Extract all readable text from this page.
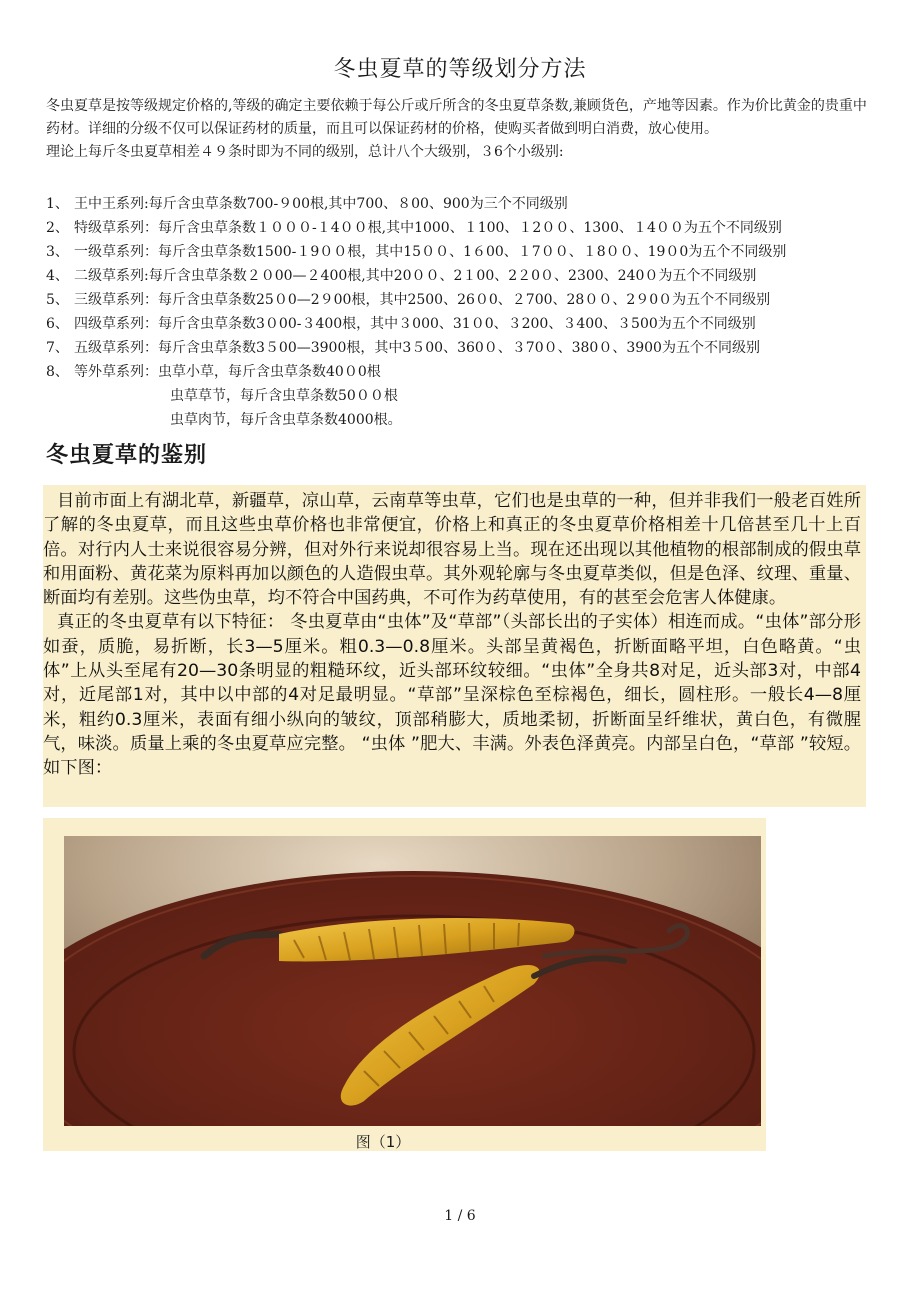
冬虫夏草的等级划分方法

冬虫夏草是按等级规定价格的,等级的确定主要依赖于每公斤或斤所含的冬虫夏草条数,兼顾货色，产地等因素。作为价比黄金的贵重中药材。详细的分级不仅可以保证药材的质量，而且可以保证药材的价格，使购买者做到明白消费，放心使用。

理论上每斤冬虫夏草相差４９条时即为不同的级别，总计八个大级别，３6个小级别:

1、 王中王系列:每斤含虫草条数700-９00根,其中700、８00、900为三个不同级别
2、 特级草系列：每斤含虫草条数１０００-１4００根,其中1000、１100、１2００、1300、１4００为五个不同级别
3、 一级草系列：每斤含虫草条数1500-１9００根，其中15００、1６00、１7００、１8００、19０0为五个不同级别
4、 二级草系列:每斤含虫草条数２０00—２400根,其中20００、2１00、2２0０、2300、240０为五个不同级别
5、 三级草系列：每斤含虫草条数25０0—2９00根，其中2500、26０0、２700、28００、2９0０为五个不同级别
6、 四级草系列：每斤含虫草条数3０00-３400根，其中３000、31０0、３200、３400、３500为五个不同级别
7、 五级草系列：每斤含虫草条数3５00—3900根，其中3５00、360０、３70０、380０、3900为五个不同级别
8、 等外草系列：虫草小草，每斤含虫草条数40０0根
虫草草节，每斤含虫草条数50００根
虫草肉节，每斤含虫草条数4000根。
冬虫夏草的鉴别

目前市面上有湖北草，新疆草，凉山草，云南草等虫草，它们也是虫草的一种，但并非我们一般老百姓所了解的冬虫夏草，而且这些虫草价格也非常便宜，价格上和真正的冬虫夏草价格相差十几倍甚至几十上百倍。对行内人士来说很容易分辨，但对外行来说却很容易上当。现在还出现以其他植物的根部制成的假虫草和用面粉、黄花菜为原料再加以颜色的人造假虫草。其外观轮廓与冬虫夏草类似，但是色泽、纹理、重量、断面均有差别。这些伪虫草，均不符合中国药典，不可作为药草使用，有的甚至会危害人体健康。

真正的冬虫夏草有以下特征： 冬虫夏草由“虫体”及“草部”（头部长出的子实体）相连而成。“虫体”部分形如蚕，质脆，易折断，长3—5厘米。粗0.3—0.8厘米。头部呈黄褐色，折断面略平坦，白色略黄。“虫体”上从头至尾有20—30条明显的粗糙环纹，近头部环纹较细。“虫体”全身共8对足，近头部3对，中部4对，近尾部1对，其中以中部的4对足最明显。“草部”呈深棕色至棕褐色，细长，圆柱形。一般长4—8厘米，粗约0.3厘米，表面有细小纵向的皱纹，顶部稍膨大，质地柔韧，折断面呈纤维状，黄白色，有微腥气，味淡。质量上乘的冬虫夏草应完整。 “虫体 ”肥大、丰满。外表色泽黄亮。内部呈白色，“草部 ”较短。如下图：

图（1）
1 / 6
